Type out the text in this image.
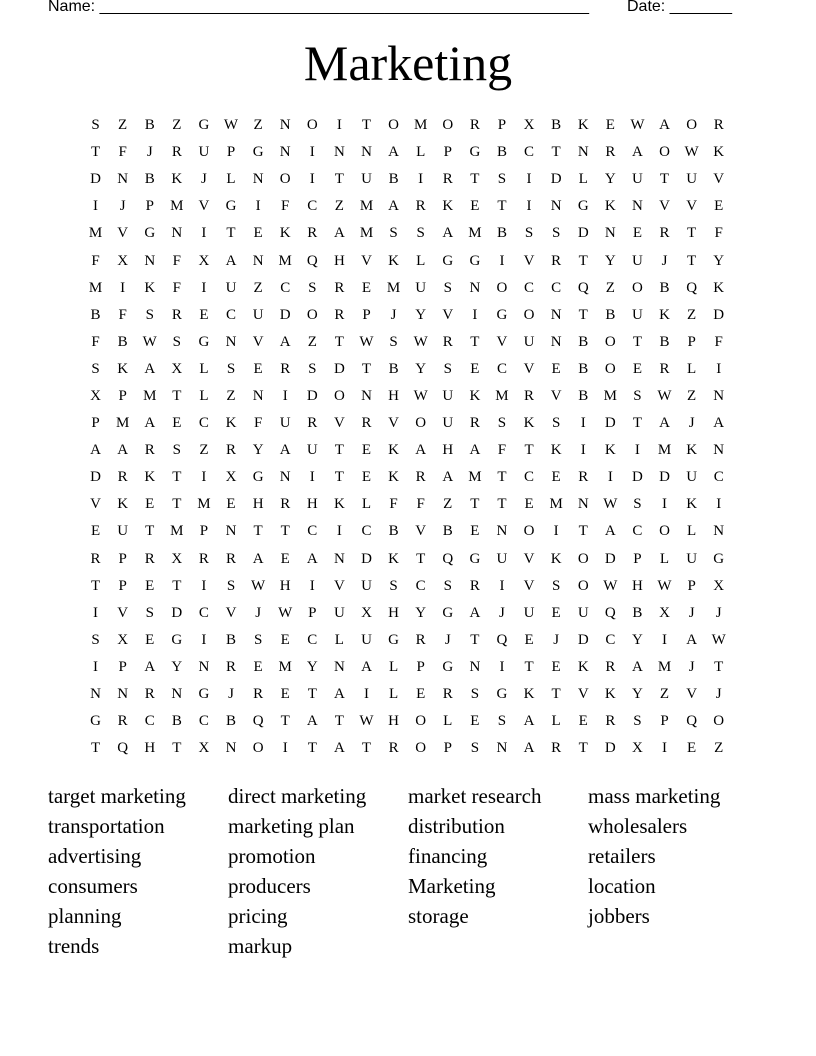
Name: _______________________________________________________ Date: _______
Marketing
S	Z	B	Z	G W	Z	N	O	I	T	O	M	O	R	P	X	B	K	E	W A	O	R
T	F	J	R	U	P	G	N	I	N	N	A	L	P	G	B	C	T	N	R	A	O W K
D	N	B	K	J	L	N	O	I	T	U	B	I	R	T	S	I	D	L	Y	U	T	U	V
I	J	P	M	V	G	I	F	C	Z	M	A	R	K	E	T	I	N	G	K	N	V	V	E
M	V	G	N	I	T	E	K	R	A	M	S	S	A	M	B	S	S	D	N	E	R	T	F
F	X	N	F	X	A	N	M	Q	H	V	K	L	G	G	I	V	R	T	Y	U	J	T	Y
M	I	K	F	I	U	Z	C	S	R	E	M	U	S	N	O	C	C	Q	Z	O	B	Q	K
B	F	S	R	E	C	U	D	O	R	P	J	Y	V	I	G	O	N	T	B	U	K	Z	D
F	B	W	S	G	N	V	A	Z	T	W	S	W	R	T	V	U	N	B	O	T	B	P	F
S	K	A	X	L	S	E	R	S	D	T	B	Y	S	E	C	V	E	B	O	E	R	L	I
X	P	M	T	L	Z	N	I	D	O	N	H W U	K	M	R	V	B	M	S	W	Z	N
P	M	A	E	C	K	F	U	R	V	R	V	O	U	R	S	K	S	I	D	T	A	J	A
A	A	R	S	Z	R	Y	A	U	T	E	K	A	H	A	F	T	K	I	K	I	M	K	N
D	R	K	T	I	X	G	N	I	T	E	K	R	A	M	T	C	E	R	I	D	D	U	C
V	K	E	T	M	E	H	R	H	K	L	F	F	Z	T	T	E	M	N W	S	I	K	I
E	U	T	M	P	N	T	T	C	I	C	B	V	B	E	N	O	I	T	A	C	O	L	N
R	P	R	X	R	R	A	E	A	N	D	K	T	Q	G	U	V	K	O	D	P	L	U	G
T	P	E	T	I	S	W H	I	V	U	S	C	S	R	I	V	S	O W H W	P	X
I	V	S	D	C	V	J	W	P	U	X	H	Y	G	A	J	U	E	U	Q	B	X	J	J
S	X	E	G	I	B	S	E	C	L	U	G	R	J	T	Q	E	J	D	C	Y	I	A W
I	P	A	Y	N	R	E	M	Y	N	A	L	P	G	N	I	T	E	K	R	A	M	J	T
N	N	R	N	G	J	R	E	T	A	I	L	E	R	S	G	K	T	V	K	Y	Z	V	J
G	R	C	B	C	B	Q	T	A	T	W H	O	L	E	S	A	L	E	R	S	P	Q	O
T	Q	H	T	X	N	O	I	T	A	T	R	O	P	S	N	A	R	T	D	X	I	E	Z
target marketing	direct marketing	market research	mass marketing
transportation	marketing plan	distribution	wholesalers
advertising	promotion	financing	retailers
consumers	producers	Marketing	location
planning	pricing	storage	jobbers
trends	markup
